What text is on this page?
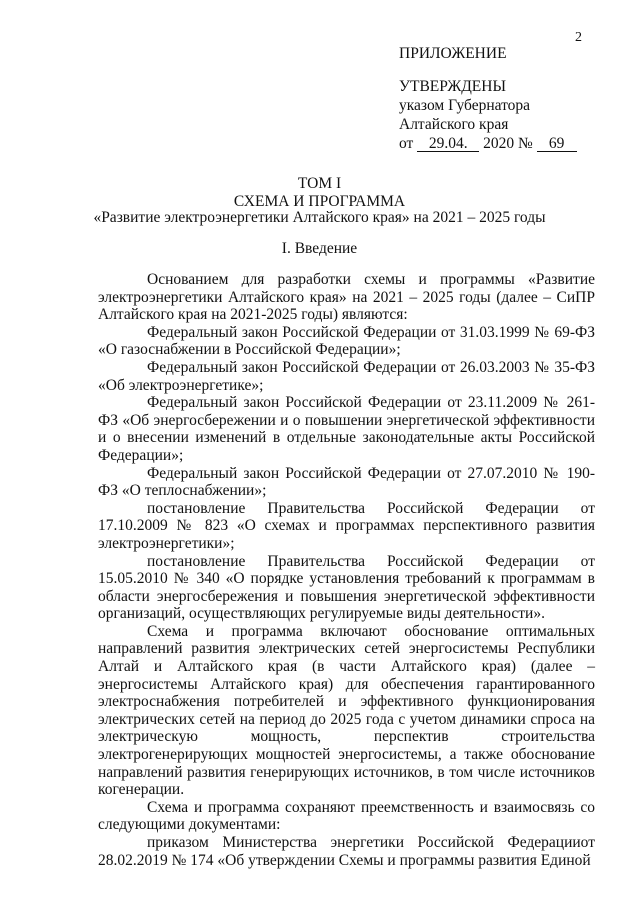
2
ПРИЛОЖЕНИЕ
УТВЕРЖДЕНЫ
указом Губернатора
Алтайского края
от 29.04. 2020 № 69
ТОМ I
СХЕМА И ПРОГРАММА
«Развитие электроэнергетики Алтайского края» на 2021 – 2025 годы
I. Введение

Основанием для разработки схемы и программы «Развитие электроэнергетики Алтайского края» на 2021 – 2025 годы (далее – СиПР Алтайского края на 2021-2025 годы) являются:

Федеральный закон Российской Федерации от 31.03.1999 № 69-ФЗ «О газоснабжении в Российской Федерации»;

Федеральный закон Российской Федерации от 26.03.2003 № 35-ФЗ «Об электроэнергетике»;

Федеральный закон Российской Федерации от 23.11.2009 № 261-ФЗ «Об энергосбережении и о повышении энергетической эффективности и о внесении изменений в отдельные законодательные акты Российской Федерации»;

Федеральный закон Российской Федерации от 27.07.2010 № 190-ФЗ «О теплоснабжении»;

постановление Правительства Российской Федерации от 17.10.2009 № 823 «О схемах и программах перспективного развития электроэнергетики»;

постановление Правительства Российской Федерации от 15.05.2010 № 340 «О порядке установления требований к программам в области энергосбережения и повышения энергетической эффективности организаций, осуществляющих регулируемые виды деятельности».

Схема и программа включают обоснование оптимальных направлений развития электрических сетей энергосистемы Республики Алтай и Алтайского края (в части Алтайского края) (далее – энергосистемы Алтайского края) для обеспечения гарантированного электроснабжения потребителей и эффективного функционирования электрических сетей на период до 2025 года с учетом динамики спроса на электрическую мощность, перспектив строительства электрогенерирующих мощностей энергосистемы, а также обоснование направлений развития генерирующих источников, в том числе источников когенерации.

Схема и программа сохраняют преемственность и взаимосвязь со следующими документами:

приказом Министерства энергетики Российской Федерацииот 28.02.2019 № 174 «Об утверждении Схемы и программы развития Единой
